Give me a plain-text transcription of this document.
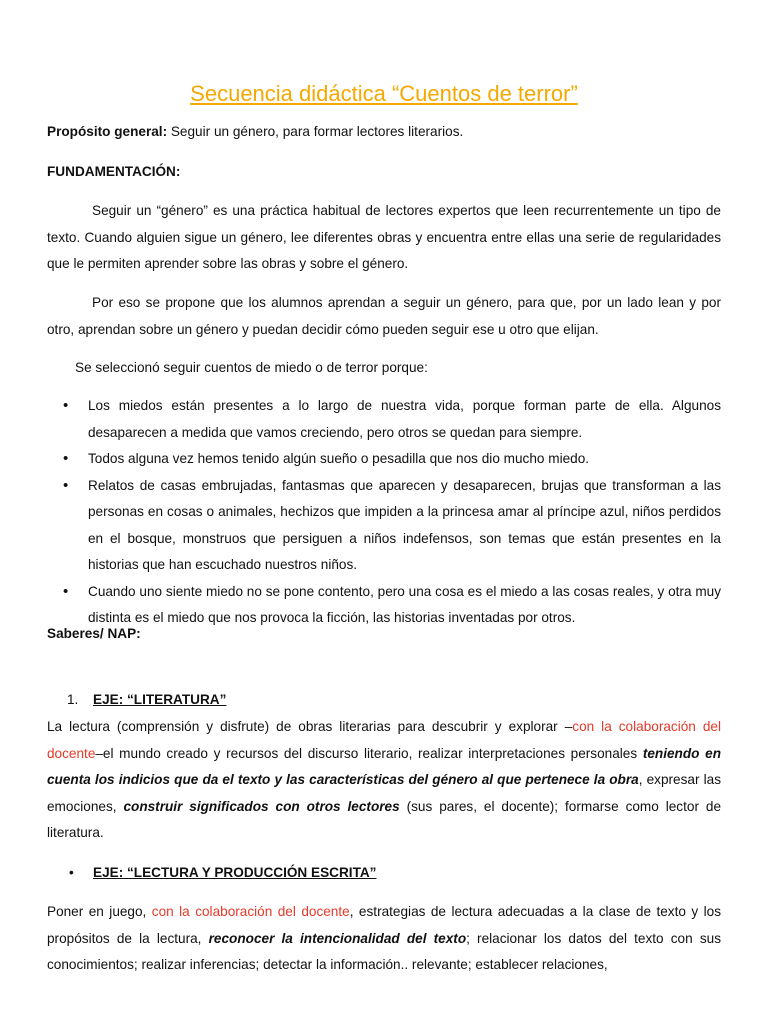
Secuencia didáctica “Cuentos de terror”

Propósito general: Seguir un género, para formar lectores literarios.

FUNDAMENTACIÓN:

Seguir un “género” es una práctica habitual de lectores expertos que leen recurrentemente un tipo de texto. Cuando alguien sigue un género, lee diferentes obras y encuentra entre ellas una serie de regularidades que le permiten aprender sobre las obras y sobre el género.

Por eso se propone que los alumnos aprendan a seguir un género, para que, por un lado lean y por otro, aprendan sobre un género y puedan decidir cómo pueden seguir ese u otro que elijan.

Se seleccionó seguir cuentos de miedo o de terror porque:

• Los miedos están presentes a lo largo de nuestra vida, porque forman parte de ella. Algunos desaparecen a medida que vamos creciendo, pero otros se quedan para siempre.
• Todos alguna vez hemos tenido algún sueño o pesadilla que nos dio mucho miedo.
• Relatos de casas embrujadas, fantasmas que aparecen y desaparecen, brujas que transforman a las personas en cosas o animales, hechizos que impiden a la princesa amar al príncipe azul, niños perdidos en el bosque, monstruos que persiguen a niños indefensos, son temas que están presentes en la historias que han escuchado nuestros niños.
• Cuando uno siente miedo no se pone contento, pero una cosa es el miedo a las cosas reales, y otra muy distinta es el miedo que nos provoca la ficción, las historias inventadas por otros.

Saberes/ NAP:

1. EJE: “LITERATURA”

La lectura (comprensión y disfrute) de obras literarias para descubrir y explorar –con la colaboración del docente–el mundo creado y recursos del discurso literario, realizar interpretaciones personales teniendo en cuenta los indicios que da el texto y las características del género al que pertenece la obra, expresar las emociones, construir significados con otros lectores (sus pares, el docente); formarse como lector de literatura.

• EJE: “LECTURA Y PRODUCCIÓN ESCRITA”

Poner en juego, con la colaboración del docente, estrategias de lectura adecuadas a la clase de texto y los propósitos de la lectura, reconocer la intencionalidad del texto; relacionar los datos del texto con sus conocimientos; realizar inferencias; detectar la información.. relevante; establecer relaciones,
